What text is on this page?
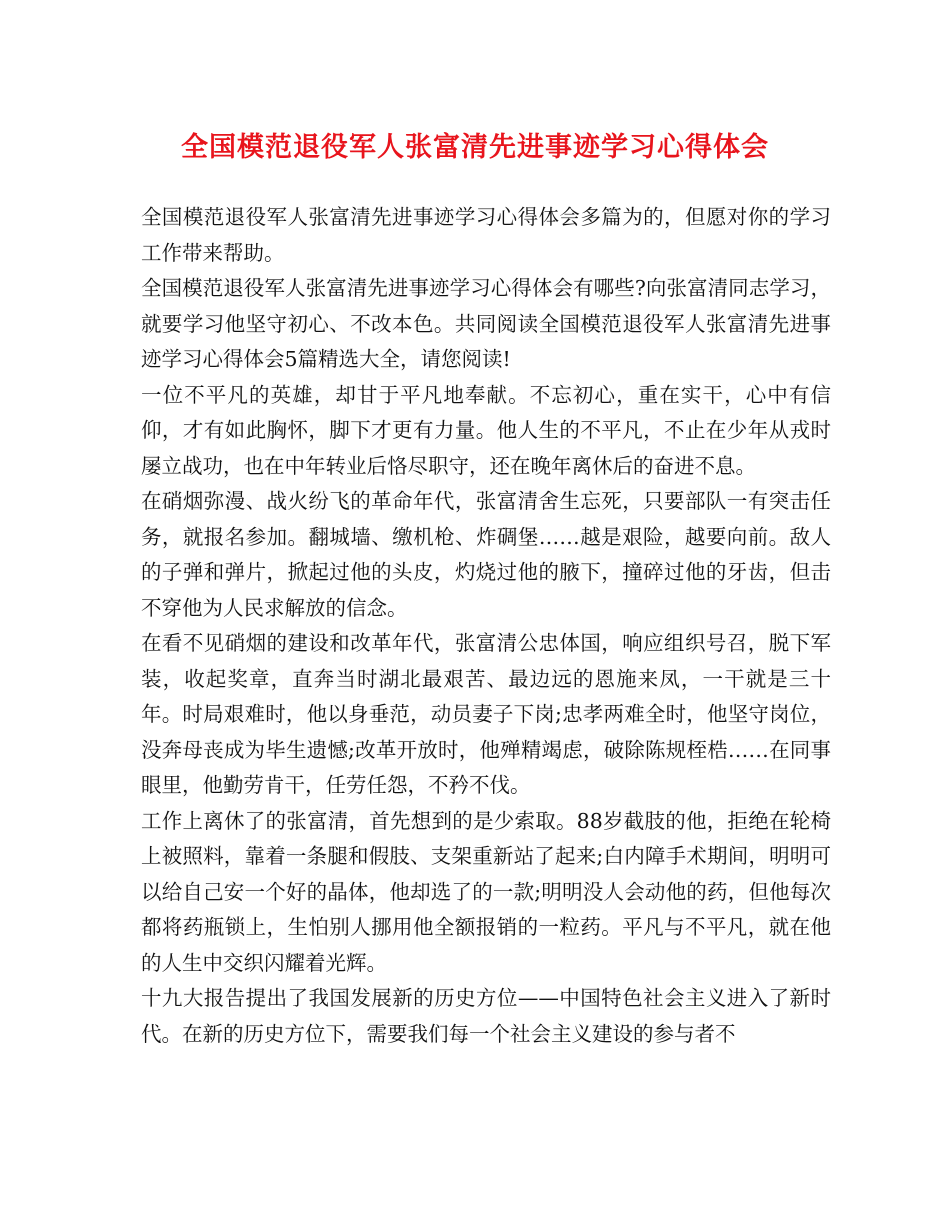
全国模范退役军人张富清先进事迹学习心得体会

全国模范退役军人张富清先进事迹学习心得体会多篇为的，但愿对你的学习工作带来帮助。

全国模范退役军人张富清先进事迹学习心得体会有哪些?向张富清同志学习，就要学习他坚守初心、不改本色。共同阅读全国模范退役军人张富清先进事迹学习心得体会5篇精选大全，请您阅读!

一位不平凡的英雄，却甘于平凡地奉献。不忘初心，重在实干，心中有信仰，才有如此胸怀，脚下才更有力量。他人生的不平凡，不止在少年从戎时屡立战功，也在中年转业后恪尽职守，还在晚年离休后的奋进不息。

在硝烟弥漫、战火纷飞的革命年代，张富清舍生忘死，只要部队一有突击任务，就报名参加。翻城墙、缴机枪、炸碉堡……越是艰险，越要向前。敌人的子弹和弹片，掀起过他的头皮，灼烧过他的腋下，撞碎过他的牙齿，但击不穿他为人民求解放的信念。

在看不见硝烟的建设和改革年代，张富清公忠体国，响应组织号召，脱下军装，收起奖章，直奔当时湖北最艰苦、最边远的恩施来凤，一干就是三十年。时局艰难时，他以身垂范，动员妻子下岗;忠孝两难全时，他坚守岗位，没奔母丧成为毕生遗憾;改革开放时，他殚精竭虑，破除陈规桎梏……在同事眼里，他勤劳肯干，任劳任怨，不矜不伐。

工作上离休了的张富清，首先想到的是少索取。88岁截肢的他，拒绝在轮椅上被照料，靠着一条腿和假肢、支架重新站了起来;白内障手术期间，明明可以给自己安一个好的晶体，他却选了的一款;明明没人会动他的药，但他每次都将药瓶锁上，生怕别人挪用他全额报销的一粒药。平凡与不平凡，就在他的人生中交织闪耀着光辉。

十九大报告提出了我国发展新的历史方位——中国特色社会主义进入了新时代。在新的历史方位下，需要我们每一个社会主义建设的参与者不
